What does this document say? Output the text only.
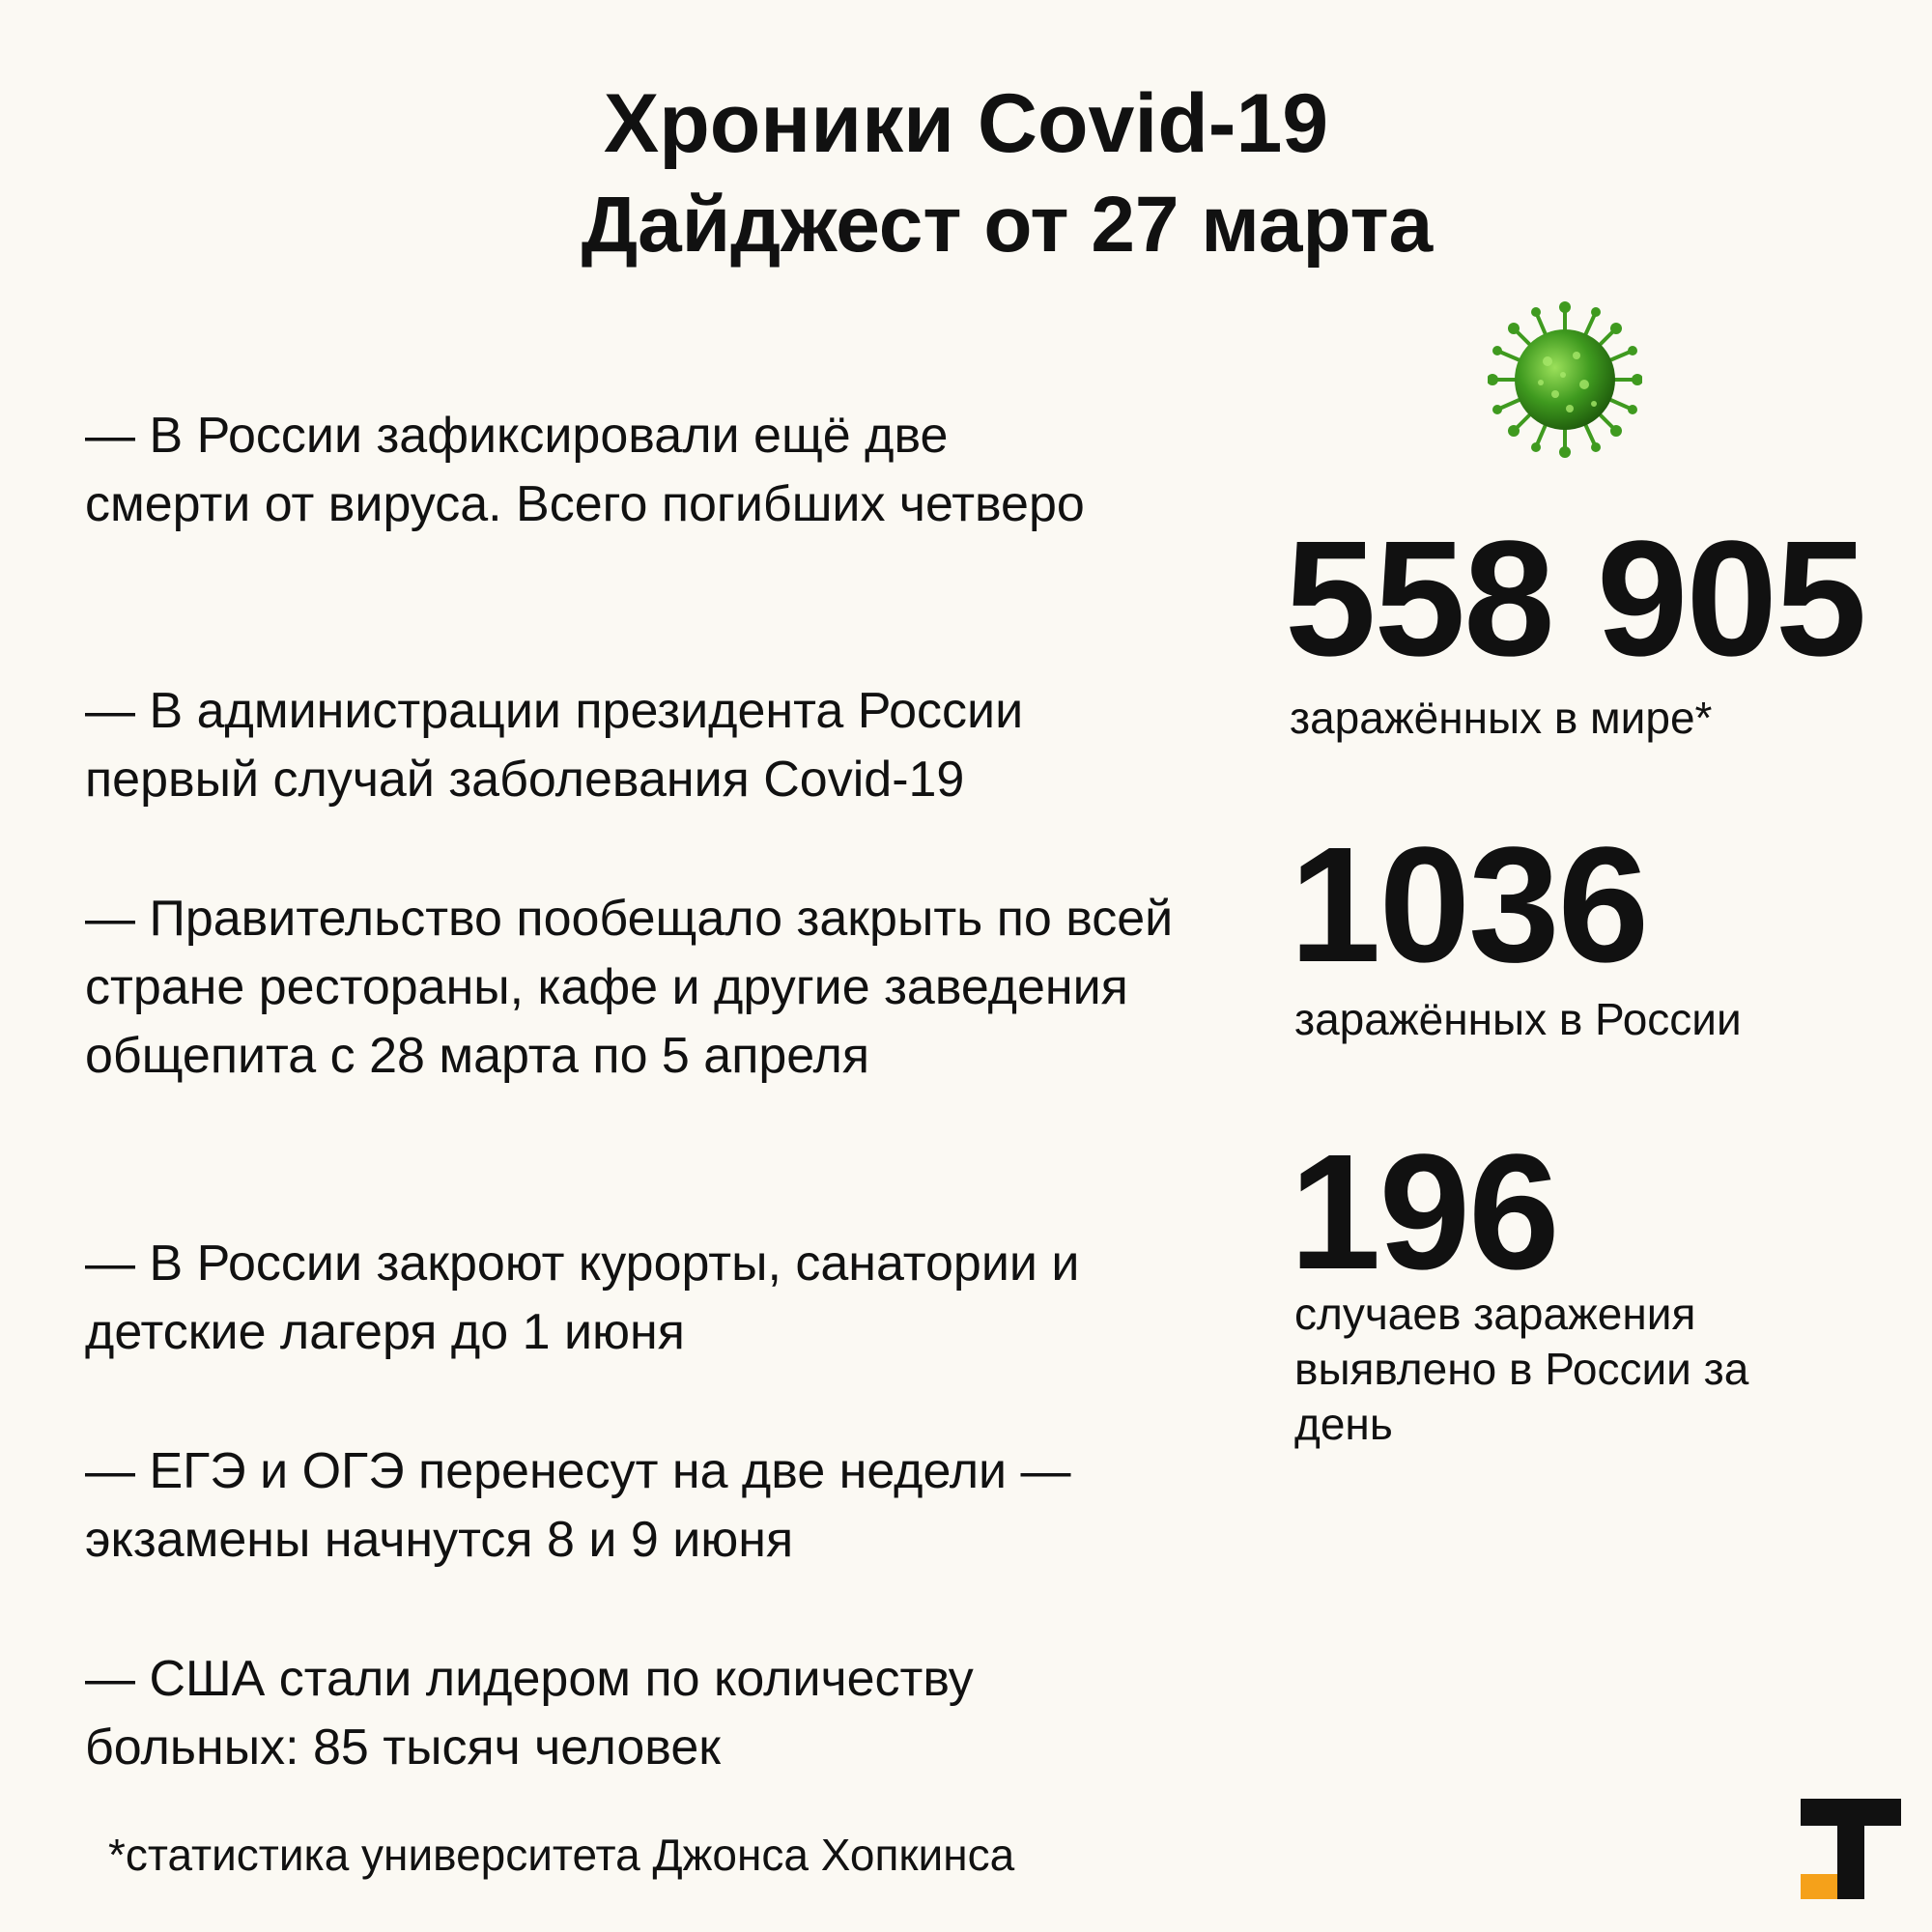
Хроники Covid-19
Дайджест от 27 марта

— В России зафиксировали ещё две смерти от вируса. Всего погибших четверо

— В администрации президента России первый случай заболевания Covid-19

— Правительство пообещало закрыть по всей стране рестораны, кафе и другие заведения общепита с 28 марта по 5 апреля

— В России закроют курорты, санатории и детские лагеря до 1 июня

— ЕГЭ и ОГЭ перенесут на две недели — экзамены начнутся 8 и 9 июня

— США стали лидером по количеству больных: 85 тысяч человек

558 905

заражённых в мире*

1036

заражённых в России

196

случаев заражения выявлено в России за день

*статистика университета Джонса Хопкинса
